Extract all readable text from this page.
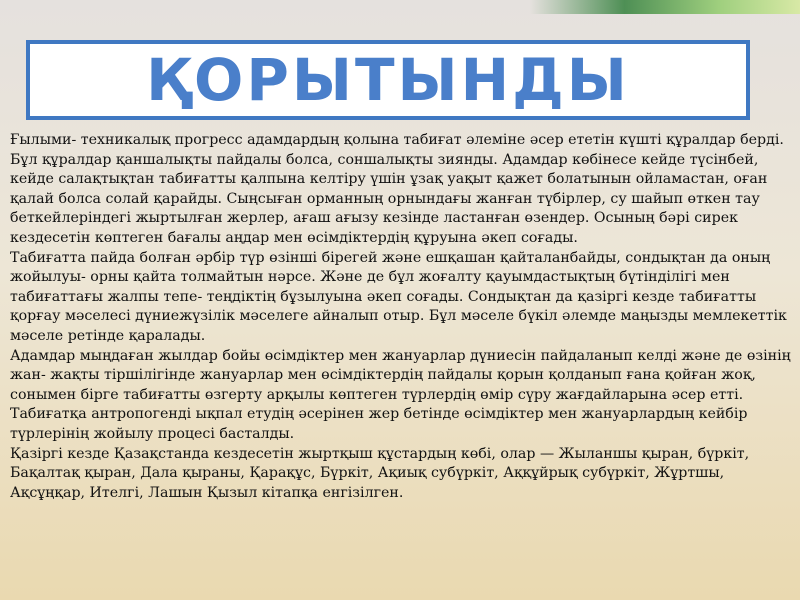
ҚОРЫТЫНДЫ

Ғылыми- техникалық прогресс адамдардың қолына табиғат әлеміне әсер ететін күшті құралдар берді. Бұл құралдар қаншалықты пайдалы болса, соншалықты зиянды. Адамдар көбінесе кейде түсінбей, кейде салақтықтан табиғатты қалпына келтіру үшін ұзақ уақыт қажет болатынын ойламастан, оған қалай болса солай қарайды. Сыңсыған орманның орнындағы жанған түбірлер, су шайып өткен тау беткейлеріндегі жыртылған жерлер, ағаш ағызу кезінде ластанған өзендер. Осының бәрі сирек кездесетін көптеген бағалы аңдар мен өсімдіктердің құруына әкеп соғады.

Табиғатта пайда болған әрбір түр өзінші бірегей және ешқашан қайталанбайды, сондықтан да оның жойылуы- орны қайта толмайтын нәрсе. Және де бұл жоғалту қауымдастықтың бүтінділігі мен табиғаттағы жалпы тепе- теңдіктің бұзылуына әкеп соғады. Сондықтан да қазіргі кезде табиғатты қорғау мәселесі дүниежүзілік мәселеге айналып отыр. Бұл мәселе бүкіл әлемде маңызды мемлекеттік мәселе ретінде қаралады.

Адамдар мыңдаған жылдар бойы өсімдіктер мен жануарлар дүниесін пайдаланып келді және де өзінің жан- жақты тіршілігінде жануарлар мен өсімдіктердің пайдалы қорын қолданып ғана қойған жоқ, сонымен бірге табиғатты өзгерту арқылы көптеген түрлердің өмір сүру жағдайларына әсер етті. Табиғатқа антропогенді ықпал етудің әсерінен жер бетінде өсімдіктер мен жануарлардың кейбір түрлерінің жойылу процесі басталды.

Қазіргі кезде Қазақстанда кездесетін жыртқыш құстардың көбі, олар — Жыланшы қыран, бүркіт, Бақалтақ қыран, Дала қыраны, Қарақұс, Бүркіт, Ақиық субүркіт, Аққұйрық субүркіт, Жұртшы, Ақсұңқар, Ителгі, Лашын Қызыл кітапқа енгізілген.
